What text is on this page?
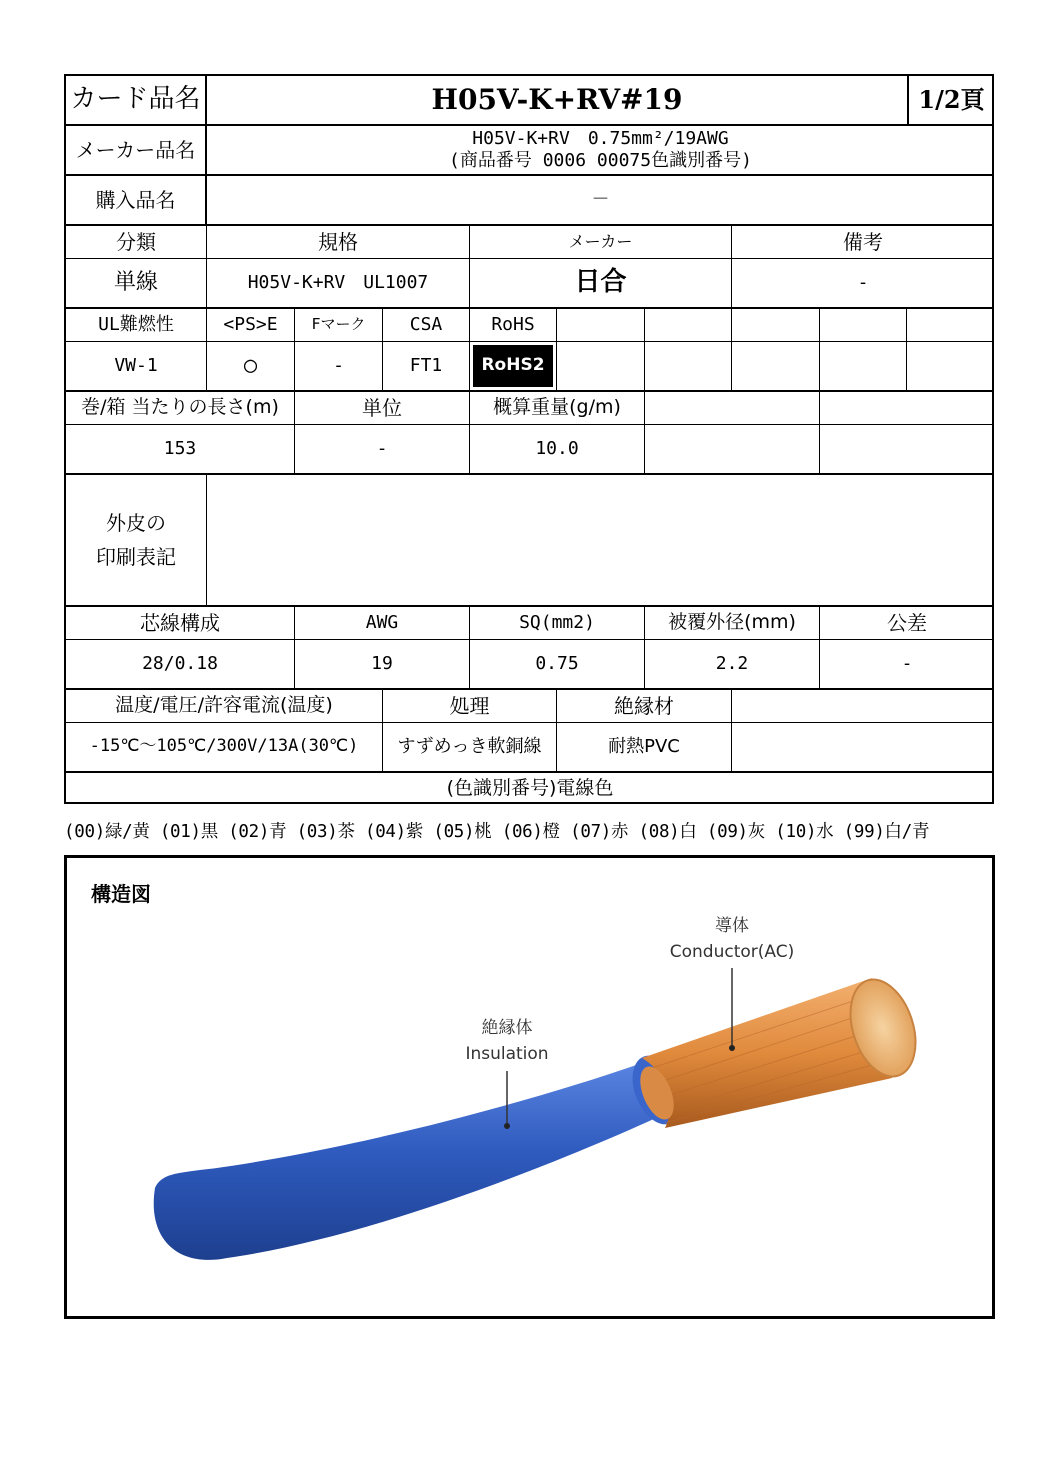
カード品名	H05V-K+RV#19	1/2頁
メーカー品名	H05V-K+RV　0.75mm²/19AWG
(商品番号 0006 00075色識別番号)
購入品名	－
分類	規格	メーカー	備考
単線	H05V-K+RV　UL1007	日合	-
UL難燃性	<PS>E	Fマーク	CSA	RoHS
VW-1	○	-	FT1	RoHS2
巻/箱 当たりの長さ(m)	単位	概算重量(g/m)
153	-	10.0
外皮の
印刷表記
芯線構成	AWG	SQ(mm2)	被覆外径(mm)	公差
28/0.18	19	0.75	2.2	-
温度/電圧/許容電流(温度)	処理	絶縁材
-15℃～105℃/300V/13A(30℃)	すずめっき軟銅線	耐熱PVC
(色識別番号)電線色
(00)緑/黄 (01)黒 (02)青 (03)茶 (04)紫 (05)桃 (06)橙 (07)赤 (08)白 (09)灰 (10)水 (99)白/青
構造図
導体
Conductor(AC)
絶縁体
Insulation
